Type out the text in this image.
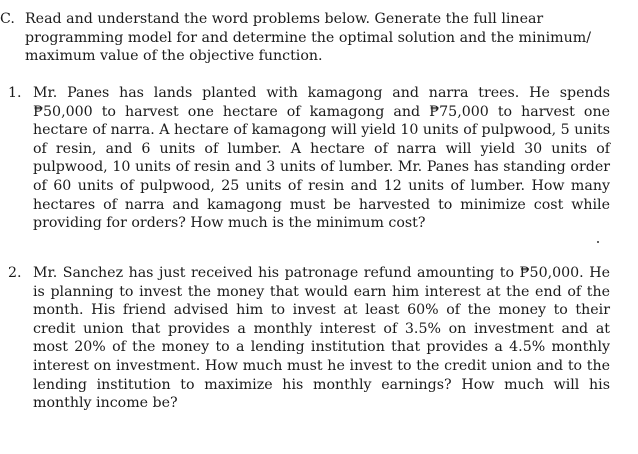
C. Read and understand the word problems below. Generate the full linear programming model for and determine the optimal solution and the minimum/ maximum value of the objective function.
1. Mr. Panes has lands planted with kamagong and narra trees. He spends ₱50,000 to harvest one hectare of kamagong and ₱75,000 to harvest one hectare of narra. A hectare of kamagong will yield 10 units of pulpwood, 5 units of resin, and 6 units of lumber. A hectare of narra will yield 30 units of pulpwood, 10 units of resin and 3 units of lumber. Mr. Panes has standing order of 60 units of pulpwood, 25 units of resin and 12 units of lumber. How many hectares of narra and kamagong must be harvested to minimize cost while providing for orders? How much is the minimum cost?
2. Mr. Sanchez has just received his patronage refund amounting to ₱50,000. He is planning to invest the money that would earn him interest at the end of the month. His friend advised him to invest at least 60% of the money to their credit union that provides a monthly interest of 3.5% on investment and at most 20% of the money to a lending institution that provides a 4.5% monthly interest on investment. How much must he invest to the credit union and to the lending institution to maximize his monthly earnings? How much will his monthly income be?
